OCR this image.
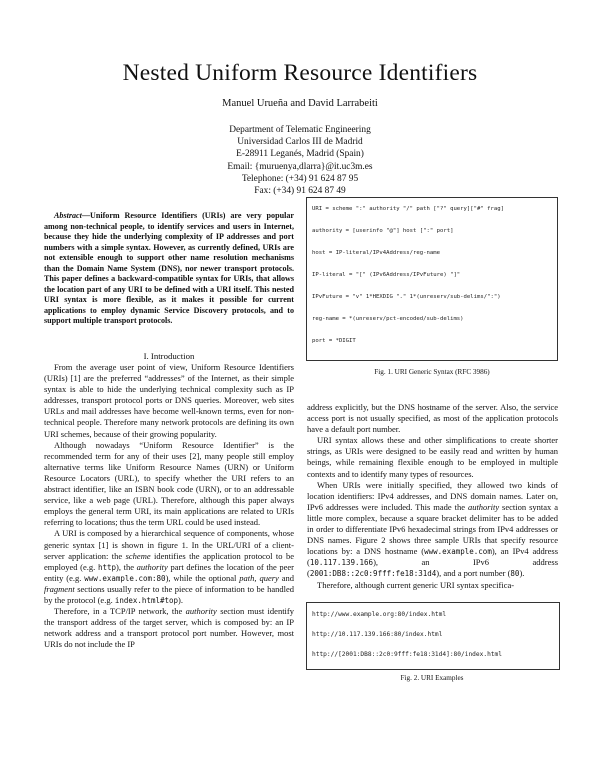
Nested Uniform Resource Identifiers
Manuel Urueña and David Larrabeiti
Department of Telematic Engineering
Universidad Carlos III de Madrid
E-28911 Leganés, Madrid (Spain)
Email: {muruenya,dlarra}@it.uc3m.es
Telephone: (+34) 91 624 87 95
Fax: (+34) 91 624 87 49

Abstract—Uniform Resource Identifiers (URIs) are very popular among non-technical people, to identify services and users in Internet, because they hide the underlying complexity of IP addresses and port numbers with a simple syntax. However, as currently defined, URIs are not extensible enough to support other name resolution mechanisms than the Domain Name System (DNS), nor newer transport protocols. This paper defines a backward-compatible syntax for URIs, that allows the location part of any URI to be defined with a URI itself. This nested URI syntax is more flexible, as it makes it possible for current applications to employ dynamic Service Discovery protocols, and to support multiple transport protocols.

I. Introduction

From the average user point of view, Uniform Resource Identifiers (URIs) [1] are the preferred “addresses” of the Internet, as their simple syntax is able to hide the underlying technical complexity such as IP addresses, transport protocol ports or DNS queries. Moreover, web sites URLs and mail addresses have become well-known terms, even for non-technical people. Therefore many network protocols are defining its own URI schemes, because of their growing popularity.

Although nowadays “Uniform Resource Identifier” is the recommended term for any of their uses [2], many people still employ alternative terms like Uniform Resource Names (URN) or Uniform Resource Locators (URL), to specify whether the URI refers to an abstract identifier, like an ISBN book code (URN), or to an addressable service, like a web page (URL). Therefore, although this paper always employs the general term URI, its main applications are related to URIs referring to locations; thus the term URL could be used instead.

A URI is composed by a hierarchical sequence of components, whose generic syntax [1] is shown in figure 1. In the URL/URI of a client-server application: the scheme identifies the application protocol to be employed (e.g. http), the authority part defines the location of the peer entity (e.g. www.example.com:80), while the optional path, query and fragment sections usually refer to the piece of information to be handled by the protocol (e.g. index.html#top).

Therefore, in a TCP/IP network, the authority section must identify the transport address of the target server, which is composed by: an IP network address and a transport protocol port number. However, most URIs do not include the IP

URI = scheme ":" authority "/" path ["?" query]["#" frag]
authority = [userinfo "@"] host [":" port]
host = IP-literal/IPv4Address/reg-name
IP-literal = "[" (IPv6Address/IPvFuture) "]"
IPvFuture = "v" 1*HEXDIG "." 1*(unreserv/sub-delims/":")
reg-name = *(unreserv/pct-encoded/sub-delims)
port = *DIGIT
Fig. 1. URI Generic Syntax (RFC 3986)

address explicitly, but the DNS hostname of the server. Also, the service access port is not usually specified, as most of the application protocols have a default port number.

URI syntax allows these and other simplifications to create shorter strings, as URIs were designed to be easily read and written by human beings, while remaining flexible enough to be employed in multiple contexts and to identify many types of resources.

When URIs were initially specified, they allowed two kinds of location identifiers: IPv4 addresses, and DNS domain names. Later on, IPv6 addresses were included. This made the authority section syntax a little more complex, because a square bracket delimiter has to be added in order to differentiate IPv6 hexadecimal strings from IPv4 addresses or DNS names. Figure 2 shows three sample URIs that specify resource locations by: a DNS hostname (www.example.com), an IPv4 address (10.117.139.166), an IPv6 address (2001:DB8::2c0:9fff:fe18:31d4), and a port number (80).

Therefore, although current generic URI syntax specifica-

http://www.example.org:80/index.html
http://10.117.139.166:80/index.html
http://[2001:DB8::2c0:9fff:fe18:31d4]:80/index.html
Fig. 2. URI Examples
